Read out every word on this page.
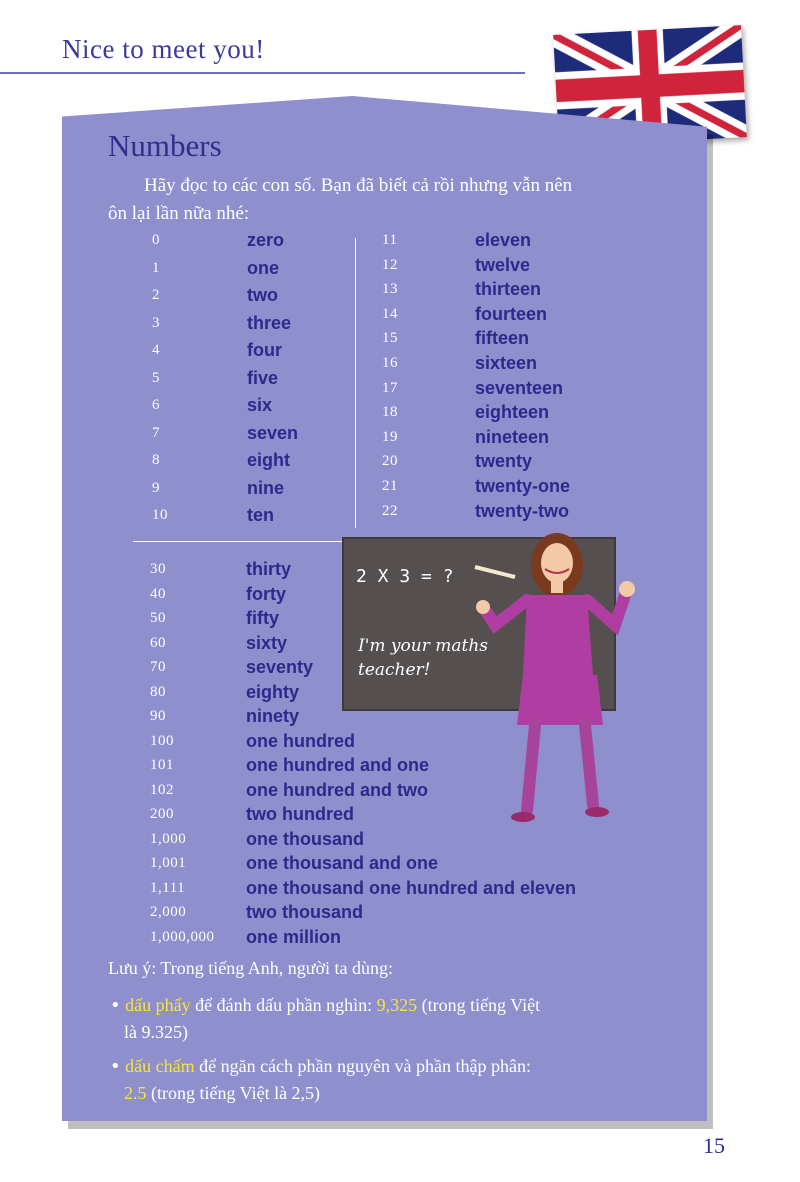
Nice to meet you!
Numbers
Hãy đọc to các con số. Bạn đã biết cả rồi nhưng vẫn nên
ôn lại lần nữa nhé:
0	zero
1	one
2	two
3	three
4	four
5	five
6	six
7	seven
8	eight
9	nine
10	ten
11	eleven
12	twelve
13	thirteen
14	fourteen
15	fifteen
16	sixteen
17	seventeen
18	eighteen
19	nineteen
20	twenty
21	twenty-one
22	twenty-two
30	thirty
40	forty
50	fifty
60	sixty
70	seventy
80	eighty
90	ninety
100	one hundred
101	one hundred and one
102	one hundred and two
200	two hundred
1,000	one thousand
1,001	one thousand and one
1,111	one thousand one hundred and eleven
2,000	two thousand
1,000,000 one million
2 X 3 = ?
I'm your maths
teacher!
Lưu ý: Trong tiếng Anh, người ta dùng:
• dấu phẩy để đánh dấu phần nghìn: 9,325 (trong tiếng Việt
là 9.325)
• dấu chấm để ngăn cách phần nguyên và phần thập phân:
2.5 (trong tiếng Việt là 2,5)
15
